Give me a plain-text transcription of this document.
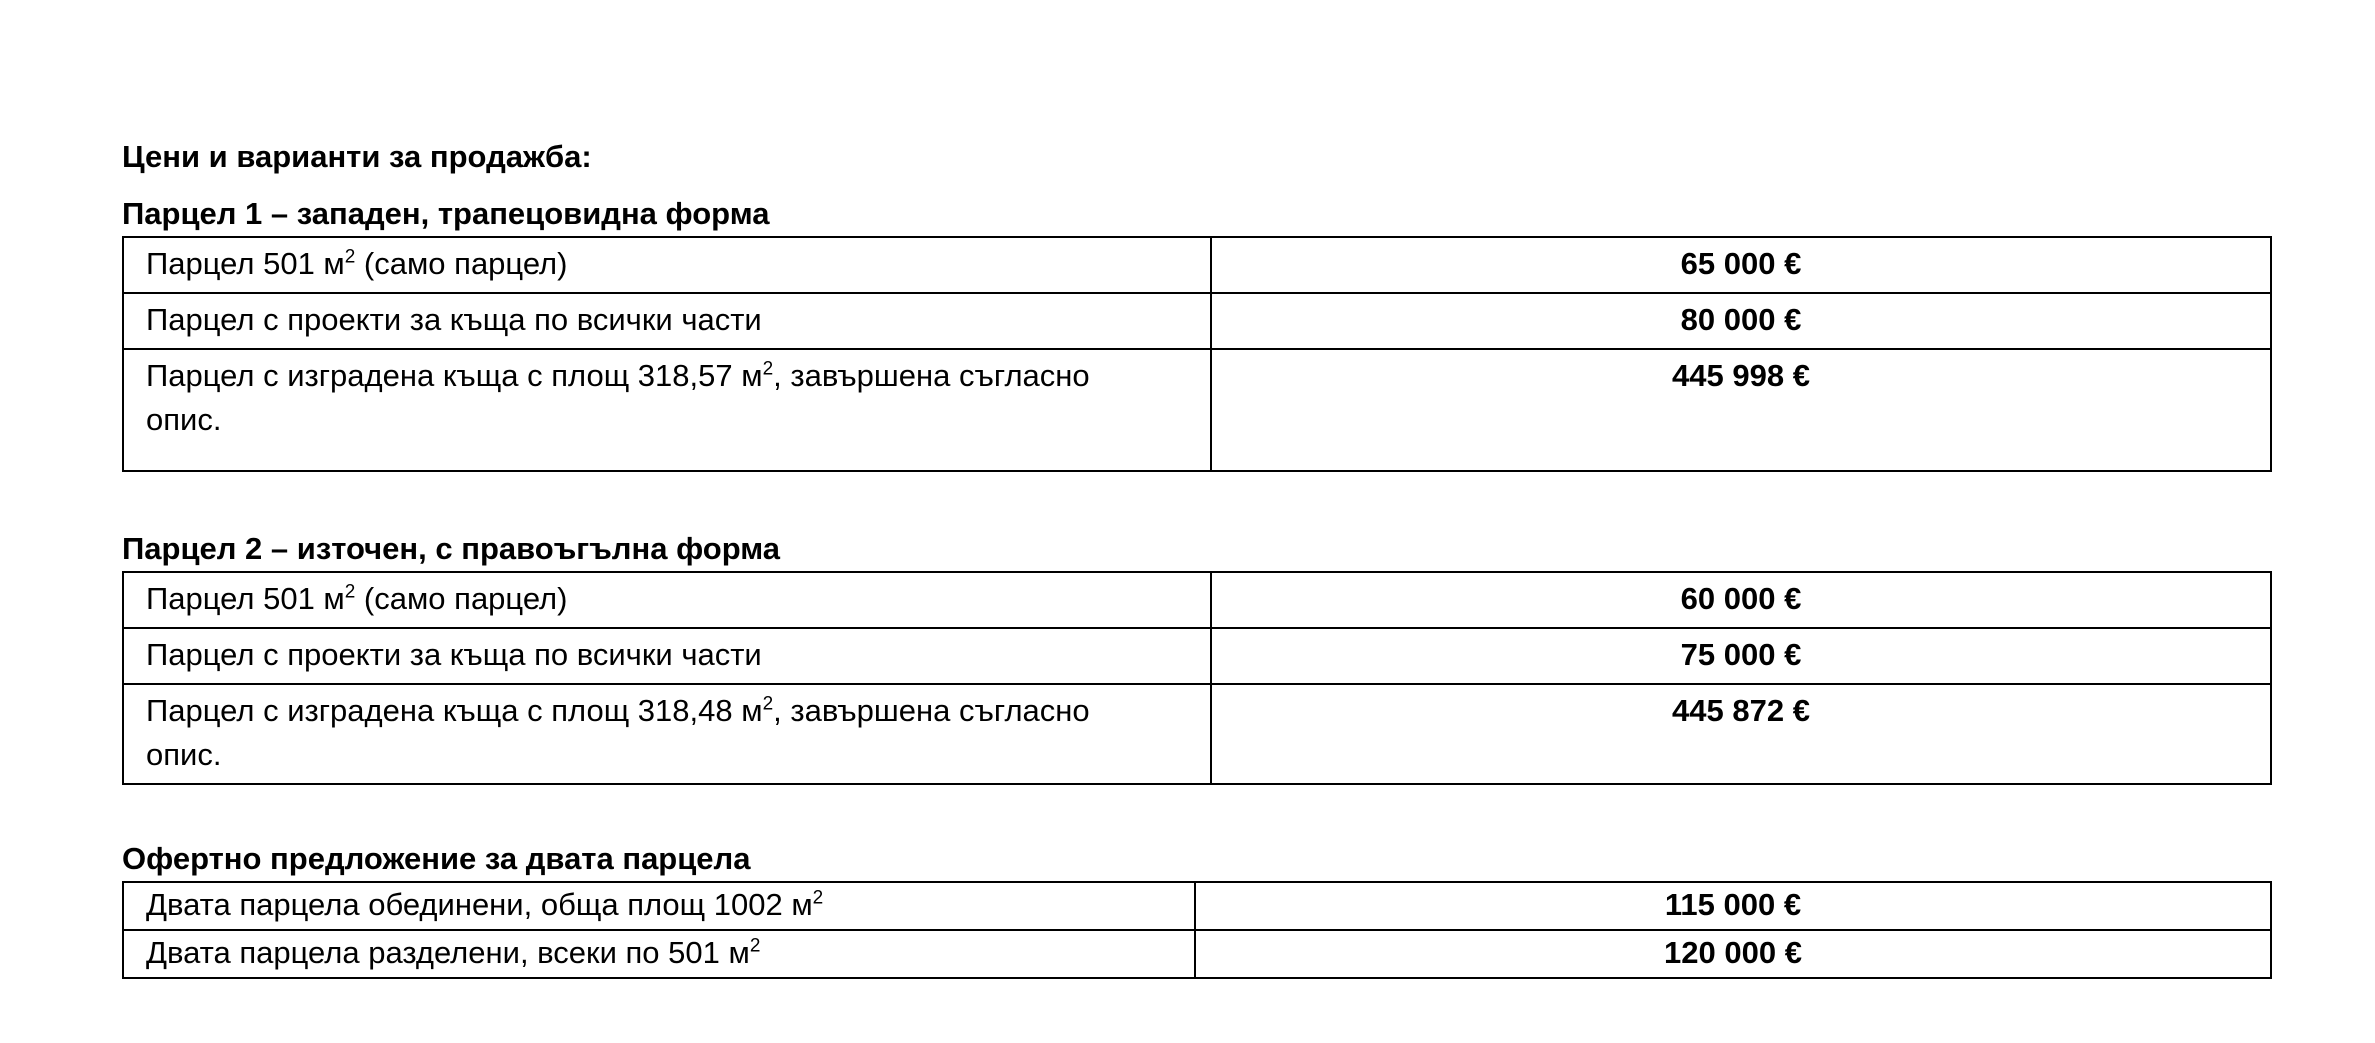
Цени и варианти за продажба:
Парцел 1 – западен, трапецовидна форма
Парцел 501 $м^2$ (само парцел)	65 000 €
Парцел с проекти за къща по всички части	80 000 €

Парцел с изградена къща с площ 318,57 $м^2$, завършена съгласно опис.	445 998 €
Парцел 2 – източен, с правоъгълна форма
Парцел 501 $м^2$ (само парцел)	60 000 €
Парцел с проекти за къща по всички части	75 000 €

Парцел с изградена къща с площ 318,48 $м^2$, завършена съгласно опис.	445 872 €
Офертно предложение за двата парцела
Двата парцела обединени, обща площ 1002 $м^2$	115 000 €
Двата парцела разделени, всеки по 501 $м^2$	120 000 €
